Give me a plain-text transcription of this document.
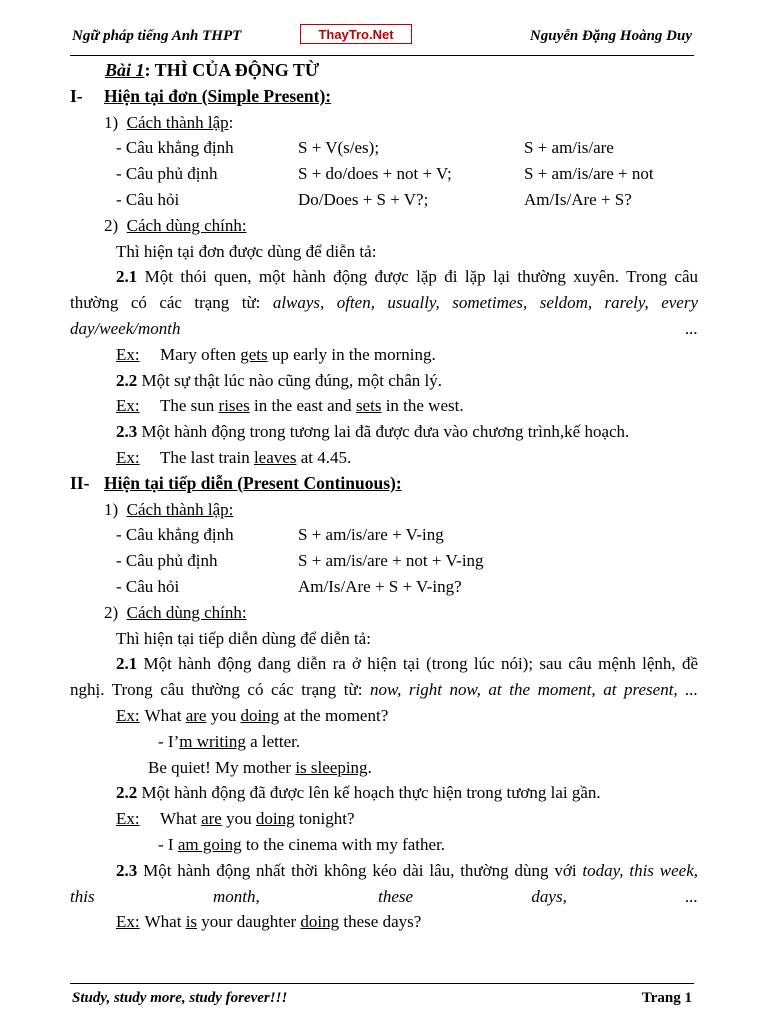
Ngữ pháp tiếng Anh THPT	ThayTro.Net	Nguyễn Đặng Hoàng Duy

Bài 1: THÌ CỦA ĐỘNG TỪ

I- Hiện tại đơn (Simple Present):

1)  Cách thành lập:

- Câu khẳng định	S + V(s/es);	S + am/is/are
- Câu phủ định	S + do/does + not + V;	S + am/is/are + not
- Câu hỏi	Do/Does + S + V?;	Am/Is/Are + S?

2)  Cách dùng chính:

Thì hiện tại đơn được dùng để diễn tả:

2.1 Một thói quen, một hành động được lặp đi lặp lại thường xuyên. Trong câu thường có các trạng từ: always, often, usually, sometimes, seldom, rarely, every day/week/month ...

Ex: Mary often gets up early in the morning.

2.2 Một sự thật lúc nào cũng đúng, một chân lý.

Ex: The sun rises in the east and sets in the west.

2.3 Một hành động trong tương lai đã được đưa vào chương trình,kế hoạch.

Ex: The last train leaves at 4.45.

II- Hiện tại tiếp diễn (Present Continuous):

1)  Cách thành lập:

- Câu khẳng định	S + am/is/are + V-ing
- Câu phủ định	S + am/is/are + not + V-ing
- Câu hỏi	Am/Is/Are + S + V-ing?

2)  Cách dùng chính:

Thì hiện tại tiếp diễn dùng để diễn tả:

2.1 Một hành động đang diễn ra ở hiện tại (trong lúc nói); sau câu mệnh lệnh, đề nghị. Trong câu thường có các trạng từ: now, right now, at the moment, at present, ...

Ex: What are you doing at the moment?

- I’m writing a letter.

Be quiet! My mother is sleeping.

2.2 Một hành động đã được lên kế hoạch thực hiện trong tương lai gần.

Ex: What are you doing tonight?

- I am going to the cinema with my father.

2.3 Một hành động nhất thời không kéo dài lâu, thường dùng với today, this week, this month, these days, ...

Ex: What is your daughter doing these days?

Study, study more, study forever!!!	Trang 1
